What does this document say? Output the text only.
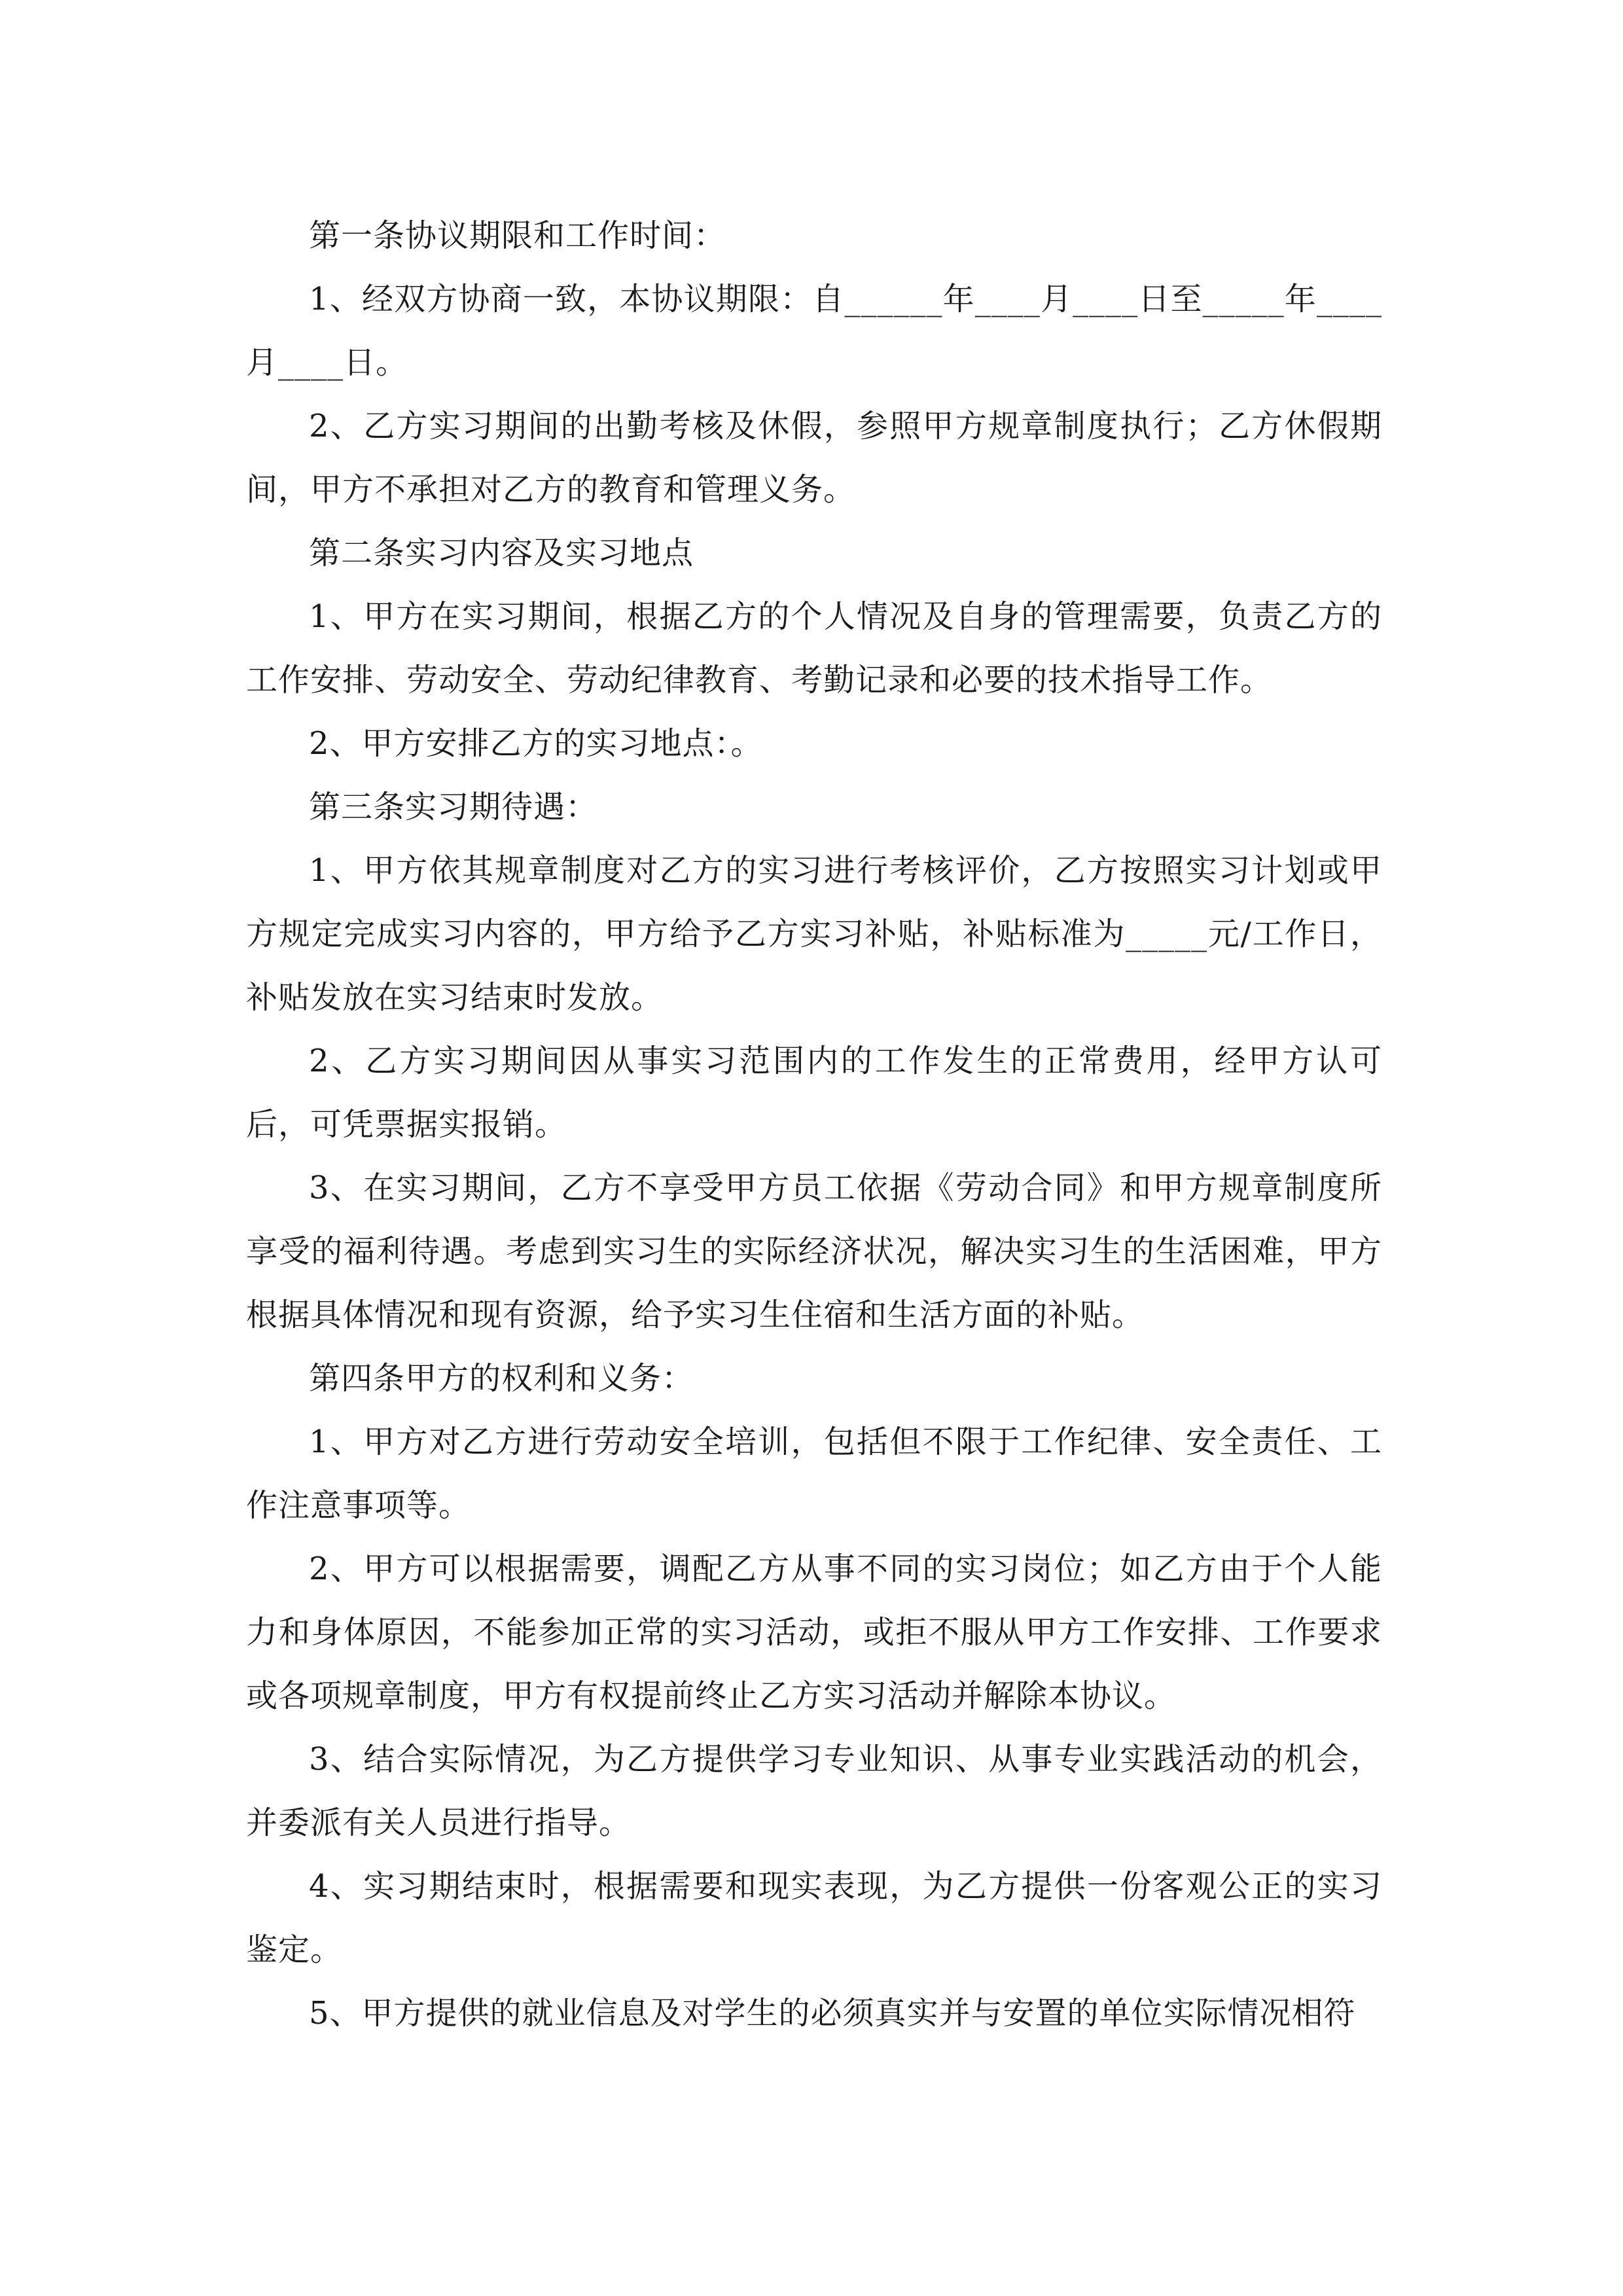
第一条协议期限和工作时间：

1、经双方协商一致，本协议期限：自______年____月____日至_____年____月____日。

2、乙方实习期间的出勤考核及休假，参照甲方规章制度执行；乙方休假期间，甲方不承担对乙方的教育和管理义务。

第二条实习内容及实习地点

1、甲方在实习期间，根据乙方的个人情况及自身的管理需要，负责乙方的工作安排、劳动安全、劳动纪律教育、考勤记录和必要的技术指导工作。

2、甲方安排乙方的实习地点：。

第三条实习期待遇：

1、甲方依其规章制度对乙方的实习进行考核评价，乙方按照实习计划或甲方规定完成实习内容的，甲方给予乙方实习补贴，补贴标准为_____元/工作日，补贴发放在实习结束时发放。

2、乙方实习期间因从事实习范围内的工作发生的正常费用，经甲方认可后，可凭票据实报销。

3、在实习期间，乙方不享受甲方员工依据《劳动合同》和甲方规章制度所享受的福利待遇。考虑到实习生的实际经济状况，解决实习生的生活困难，甲方根据具体情况和现有资源，给予实习生住宿和生活方面的补贴。

第四条甲方的权利和义务：

1、甲方对乙方进行劳动安全培训，包括但不限于工作纪律、安全责任、工作注意事项等。

2、甲方可以根据需要，调配乙方从事不同的实习岗位；如乙方由于个人能力和身体原因，不能参加正常的实习活动，或拒不服从甲方工作安排、工作要求或各项规章制度，甲方有权提前终止乙方实习活动并解除本协议。

3、结合实际情况，为乙方提供学习专业知识、从事专业实践活动的机会，并委派有关人员进行指导。

4、实习期结束时，根据需要和现实表现，为乙方提供一份客观公正的实习鉴定。

5、甲方提供的就业信息及对学生的必须真实并与安置的单位实际情况相符
